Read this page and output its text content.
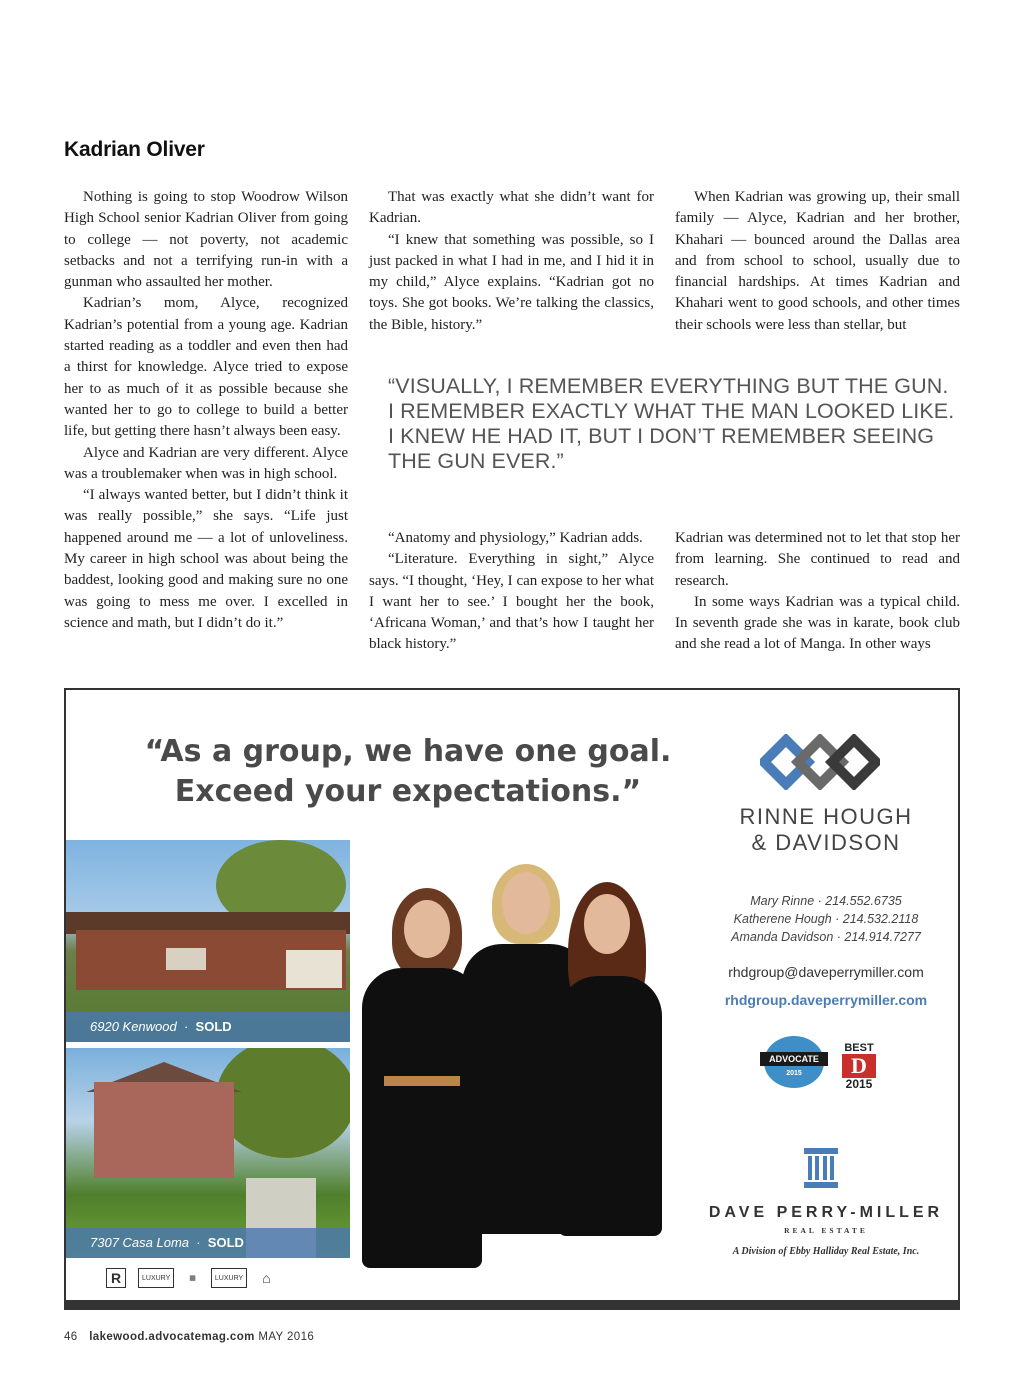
Kadrian Oliver

Nothing is going to stop Woodrow Wilson High School senior Kadrian Oliver from going to college — not poverty, not academic setbacks and not a terrifying run-in with a gunman who assaulted her mother.

Kadrian’s mom, Alyce, recognized Kadrian’s potential from a young age. Kadrian started reading as a toddler and even then had a thirst for knowledge. Alyce tried to expose her to as much of it as possible because she wanted her to go to college to build a better life, but getting there hasn’t always been easy.

Alyce and Kadrian are very different. Alyce was a troublemaker when was in high school.

“I always wanted better, but I didn’t think it was really possible,” she says. “Life just happened around me — a lot of unloveliness. My career in high school was about being the baddest, looking good and making sure no one was going to mess me over. I excelled in science and math, but I didn’t do it.”

That was exactly what she didn’t want for Kadrian.

“I knew that something was possible, so I just packed in what I had in me, and I hid it in my child,” Alyce explains. “Kadrian got no toys. She got books. We’re talking the classics, the Bible, history.”

When Kadrian was growing up, their small family — Alyce, Kadrian and her brother, Khahari — bounced around the Dallas area and from school to school, usually due to financial hardships. At times Kadrian and Khahari went to good schools, and other times their schools were less than stellar, but

“VISUALLY, I REMEMBER EVERYTHING BUT THE GUN. I REMEMBER EXACTLY WHAT THE MAN LOOKED LIKE. I KNEW HE HAD IT, BUT I DON’T REMEMBER SEEING THE GUN EVER.”

“Anatomy and physiology,” Kadrian adds.

“Literature. Everything in sight,” Alyce says. “I thought, ‘Hey, I can expose to her what I want her to see.’ I bought her the book, ‘Africana Woman,’ and that’s how I taught her black history.”

Kadrian was determined not to let that stop her from learning. She continued to read and research.

In some ways Kadrian was a typical child. In seventh grade she was in karate, book club and she read a lot of Manga. In other ways

“As a group, we have one goal.
Exceed your expectations.”
6920 Kenwood  ·  SOLD
7307 Casa Loma  ·  SOLD
R	LUXURY	▦	LUXURY ⌂
RINNE HOUGH
& DAVIDSON
Mary Rinne · 214.552.6735
Katherene Hough · 214.532.2118
Amanda Davidson · 214.914.7277
rhdgroup@daveperrymiller.com
rhdgroup.daveperrymiller.com
ADVOCATE
2015
BEST
D
2015
DAVE PERRY-MILLER
REAL ESTATE
A Division of Ebby Halliday Real Estate, Inc.
46 lakewood.advocatemag.com MAY 2016
